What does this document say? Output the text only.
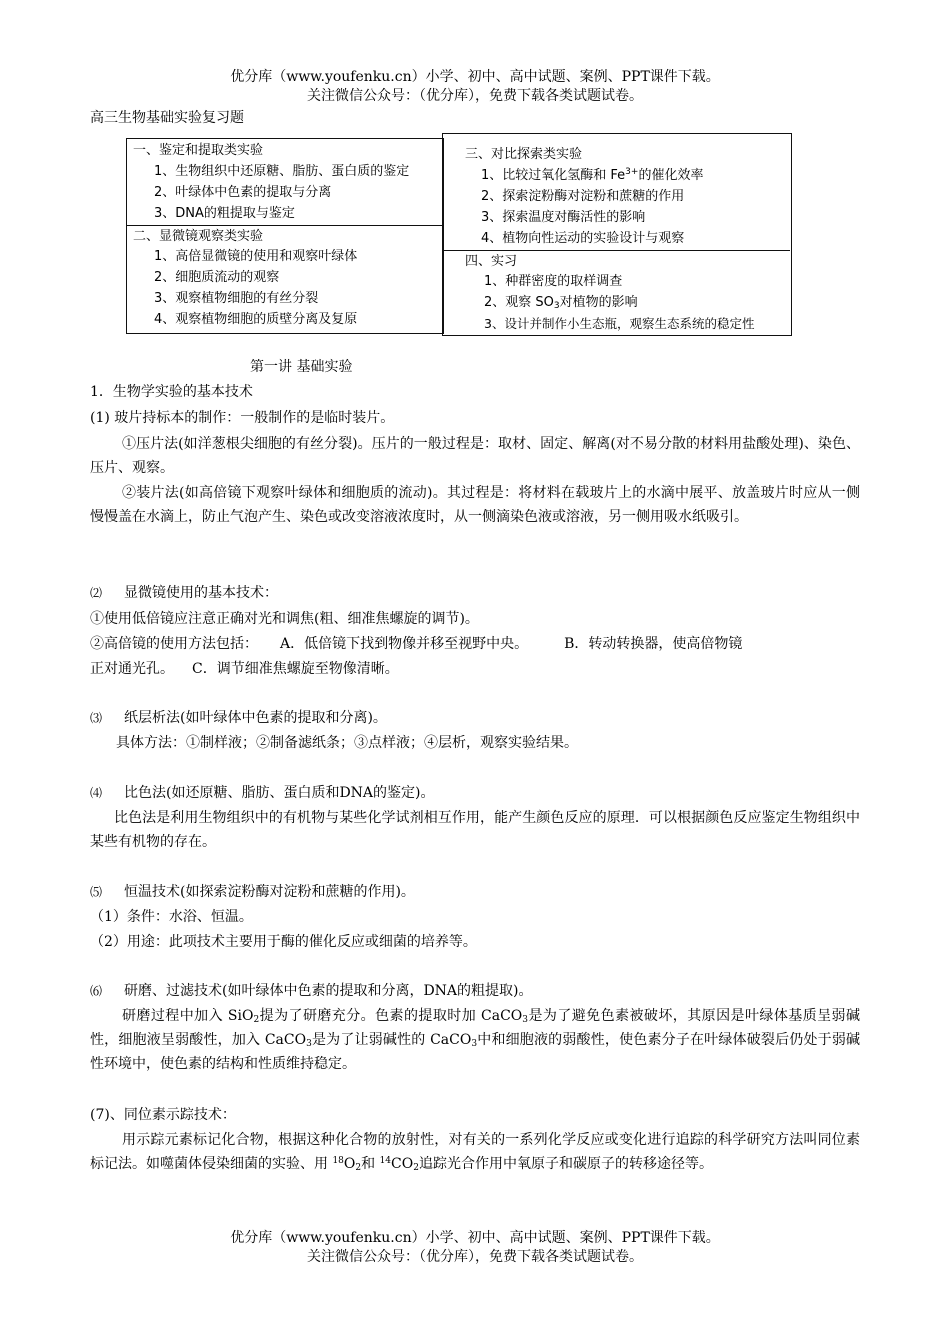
优分库（www.youfenku.cn）小学、初中、高中试题、案例、PPT课件下载。
关注微信公众号：（优分库），免费下载各类试题试卷。
高三生物基础实验复习题
一、鉴定和提取类实验
1、生物组织中还原糖、脂肪、蛋白质的鉴定
2、叶绿体中色素的提取与分离
3、DNA的粗提取与鉴定
二、显微镜观察类实验
1、高倍显微镜的使用和观察叶绿体
2、细胞质流动的观察
3、观察植物细胞的有丝分裂
4、观察植物细胞的质壁分离及复原
三、对比探索类实验
1、比较过氧化氢酶和 $Fe^{3+}$的催化效率
2、探索淀粉酶对淀粉和蔗糖的作用
3、探索温度对酶活性的影响
4、植物向性运动的实验设计与观察
四、实习
1、种群密度的取样调查
2、观察 $SO_3$对植物的影响
3、设计并制作小生态瓶，观察生态系统的稳定性
第一讲 基础实验
1．生物学实验的基本技术
(1) 玻片持标本的制作：一般制作的是临时装片。
①压片法(如洋葱根尖细胞的有丝分裂)。压片的一般过程是：取材、固定、解离(对不易分散的材料用盐酸处理)、染色、压片、观察。
②装片法(如高倍镜下观察叶绿体和细胞质的流动)。其过程是：将材料在载玻片上的水滴中展平、放盖玻片时应从一侧慢慢盖在水滴上，防止气泡产生、染色或改变溶液浓度时，从一侧滴染色液或溶液，另一侧用吸水纸吸引。
⑵ 显微镜使用的基本技术：
①使用低倍镜应注意正确对光和调焦(粗、细准焦螺旋的调节)。
②高倍镜的使用方法包括： A．低倍镜下找到物像并移至视野中央。	B．转动转换器，使高倍物镜
正对通光孔。 C．调节细准焦螺旋至物像清晰。
⑶ 纸层析法(如叶绿体中色素的提取和分离)。
具体方法：①制样液；②制备滤纸条；③点样液；④层析，观察实验结果。
⑷ 比色法(如还原糖、脂肪、蛋白质和DNA的鉴定)。
比色法是利用生物组织中的有机物与某些化学试剂相互作用，能产生颜色反应的原理．可以根据颜色反应鉴定生物组织中某些有机物的存在。
⑸ 恒温技术(如探索淀粉酶对淀粉和蔗糖的作用)。
（1）条件：水浴、恒温。
（2）用途：此项技术主要用于酶的催化反应或细菌的培养等。
⑹ 研磨、过滤技术(如叶绿体中色素的提取和分离，DNA的粗提取)。
研磨过程中加入 SiO$_2$提为了研磨充分。色素的提取时加 CaCO$_3$是为了避免色素被破坏，其原因是叶绿体基质呈弱碱性，细胞液呈弱酸性，加入 CaCO$_3$是为了让弱碱性的 CaCO$_3$中和细胞液的弱酸性，使色素分子在叶绿体破裂后仍处于弱碱性环境中，使色素的结构和性质维持稳定。
(7)、同位素示踪技术：
用示踪元素标记化合物，根据这种化合物的放射性，对有关的一系列化学反应或变化进行追踪的科学研究方法叫同位素标记法。如噬菌体侵染细菌的实验、用 $^{18}O_2$和 $^{14}CO_2$追踪光合作用中氧原子和碳原子的转移途径等。
优分库（www.youfenku.cn）小学、初中、高中试题、案例、PPT课件下载。
关注微信公众号：（优分库），免费下载各类试题试卷。
